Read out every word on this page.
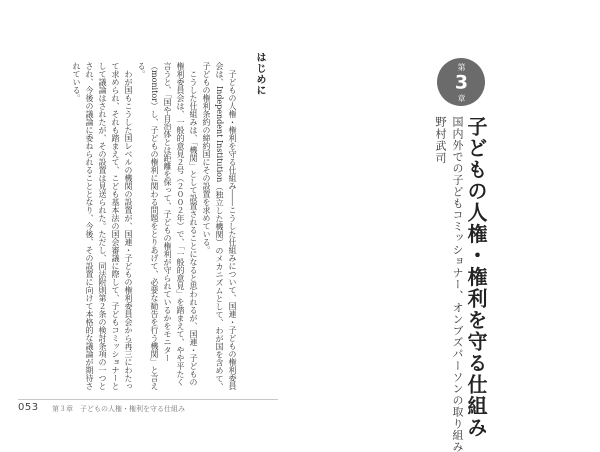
第
3
章
子どもの人権・権利を守る仕組み
国内外での子どもコミッショナー、オンブズパーソンの取り組み
野村武司
はじめに

子どもの人権・権利を守る仕組み――こうした仕組みについて、国連・子どもの権利委員会は、Independent Institution（独立した機関）のメカニズムとして、わが国を含めて、子どもの権利条約の締約国にその設置を求めている。

こうした仕組みは、「機関」として設置されることになると思われるが、国連・子どもの権利委員会は、一般的意見２号（２００２年）で、「一般的意見」を踏まえて、やや平たく言うと、「国や自治体とは距離を保って、子どもの権利が守られているかをモニター（monitor）し、子どもの権利に関わる問題をとりあげて、必要な勧告を行う機関」と言える。

わが国もこうした国レベルの機関の設置が、国連・子どもの権利委員会から再三にわたって求められ、それも踏まえて、こども基本法の国会審議に際して、子どもコミッショナーとして議論はされたが、その設置は見送られた。ただし、同法附則第２条の検討条項の一つとされ、今後の議論に委ねられることとなり、今後、その設置に向けて本格的な議論が期待されている。

053 第３章　子どもの人権・権利を守る仕組み
